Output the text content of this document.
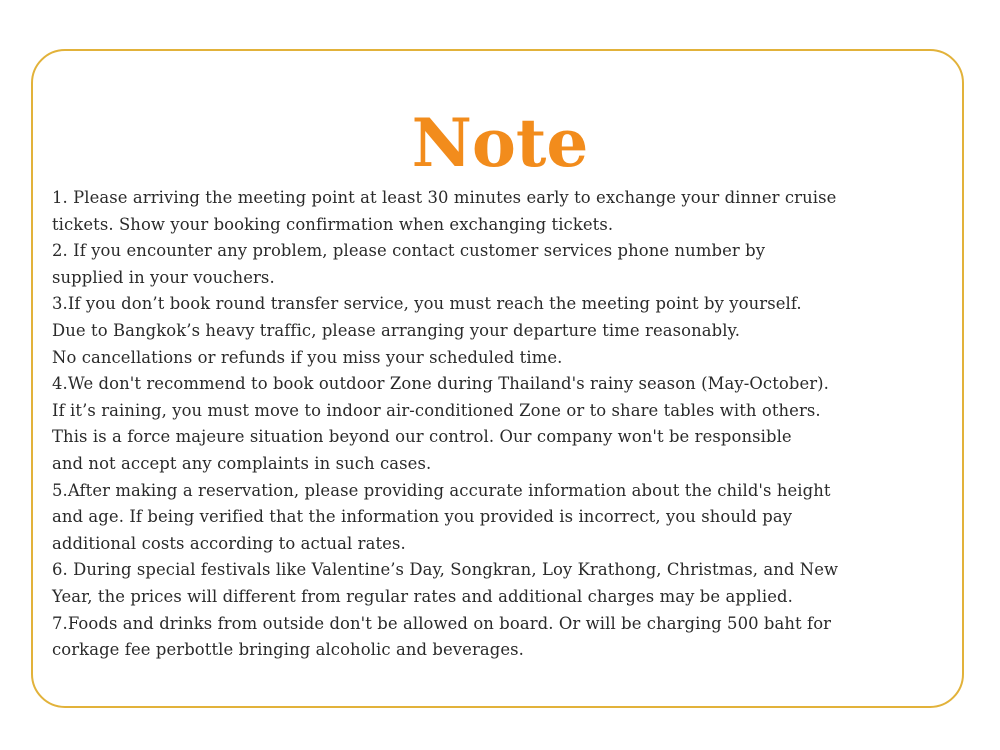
Note
1. Please arriving the meeting point at least 30 minutes early to exchange your dinner cruise
tickets. Show your booking confirmation when exchanging tickets.
2. If you encounter any problem, please contact customer services phone number by
supplied in your vouchers.
3.If you don’t book round transfer service, you must reach the meeting point by yourself.
Due to Bangkok’s heavy traffic, please arranging your departure time reasonably.
No cancellations or refunds if you miss your scheduled time.
4.We don't recommend to book outdoor Zone during Thailand's rainy season (May-October).
If it’s raining, you must move to indoor air-conditioned Zone or to share tables with others.
This is a force majeure situation beyond our control. Our company won't be responsible
and not accept any complaints in such cases.
5.After making a reservation, please providing accurate information about the child's height
and age. If being verified that the information you provided is incorrect, you should pay
additional costs according to actual rates.
6. During special festivals like Valentine’s Day, Songkran, Loy Krathong, Christmas, and New
Year, the prices will different from regular rates and additional charges may be applied.
7.Foods and drinks from outside don't be allowed on board. Or will be charging 500 baht for
corkage fee perbottle bringing alcoholic and beverages.
